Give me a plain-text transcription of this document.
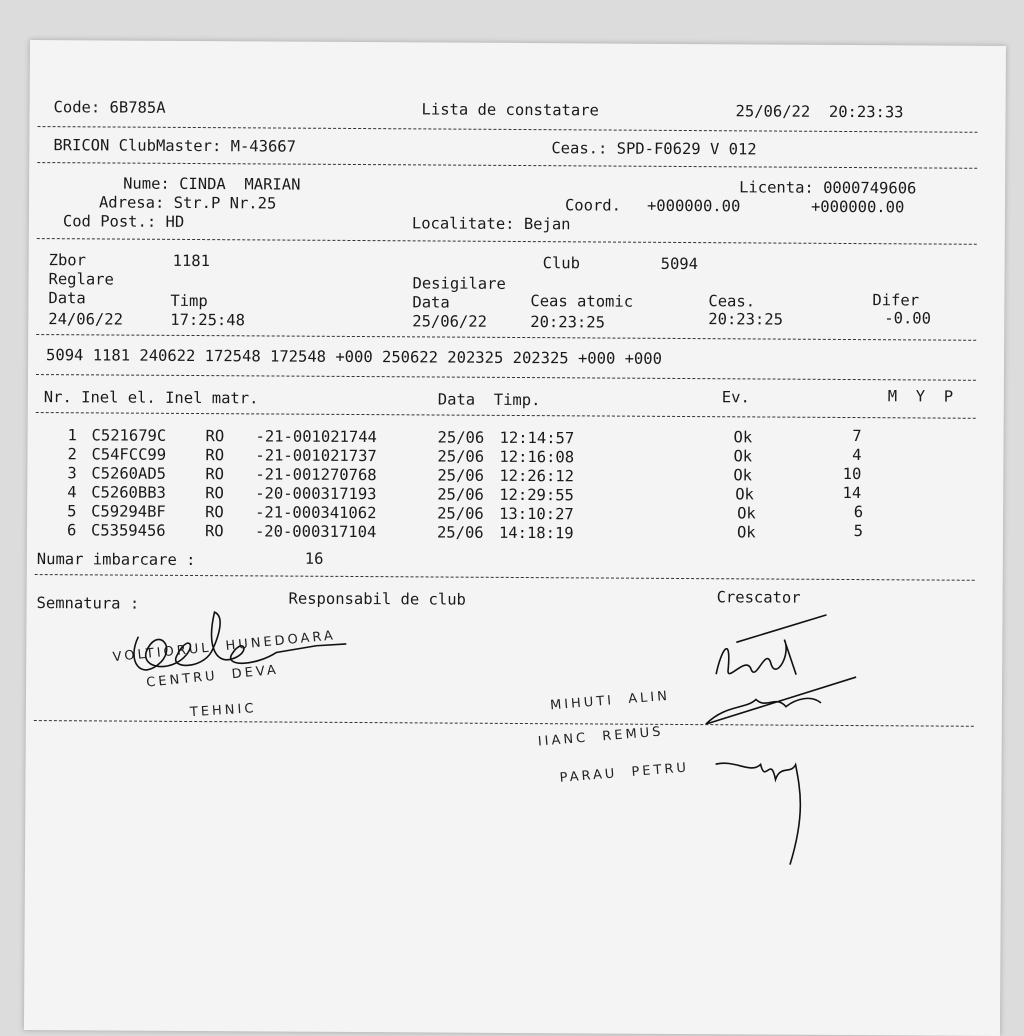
Code: 6B785A	Lista de constatare	25/06/22  20:23:33
BRICON ClubMaster: M-43667	Ceas.: SPD-F0629 V 012
Nume: CINDA  MARIAN	Licenta: 0000749606
Adresa: Str.P Nr.25	Coord. +000000.00	+000000.00
Cod Post.: HD	Localitate: Bejan
Zbor	1181	Club	5094
Reglare	Desigilare
Data	Timp	Data	Ceas atomic	Ceas.	Difer
24/06/22	17:25:48	25/06/22	20:23:25	20:23:25	-0.00
5094 1181 240622 172548 172548 +000 250622 202325 202325 +000 +000
Nr. Inel el. Inel matr.	Data  Timp.	Ev.	M  Y  P
1 C521679C	RO -21-001021744	25/06 12:14:57	Ok	7
2 C54FCC99	RO -21-001021737	25/06 12:16:08	Ok	4
3 C5260AD5	RO -21-001270768	25/06 12:26:12	Ok	10
4 C5260BB3	RO -20-000317193	25/06 12:29:55	Ok	14
5 C59294BF	RO -21-000341062	25/06 13:10:27	Ok	6
6 C5359456	RO -20-000317104	25/06 14:18:19	Ok	5
Numar imbarcare :	16
Semnatura :	Responsabil de club	Crescator
VOLTIORUL  HUNEDOARA
CENTRU  DEVA
TEHNIC	MIHUTI  ALIN
IIANC  REMUS
PARAU  PETRU
